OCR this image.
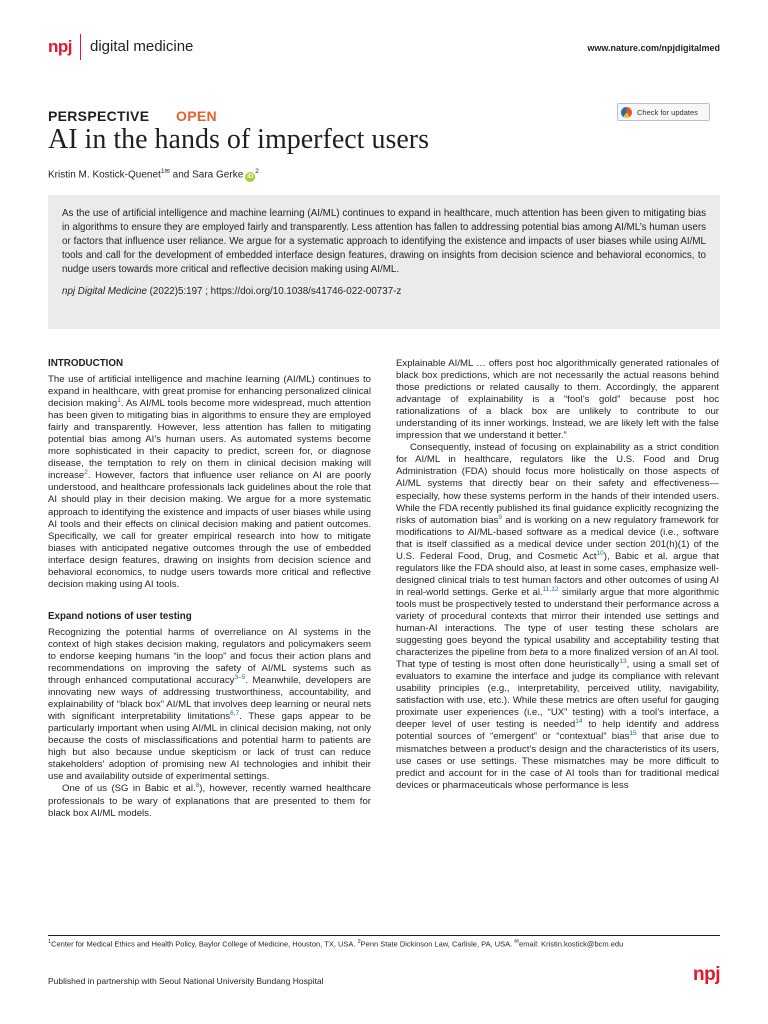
npj digital medicine	www.nature.com/npjdigitalmed
PERSPECTIVE OPEN	Check for updates
AI in the hands of imperfect users
Kristin M. Kostick-Quenet$^{1✉}$ and Sara Gerke $iD^2$

As the use of artificial intelligence and machine learning (AI/ML) continues to expand in healthcare, much attention has been given to mitigating bias in algorithms to ensure they are employed fairly and transparently. Less attention has fallen to addressing potential bias among AI/ML’s human users or factors that influence user reliance. We argue for a systematic approach to identifying the existence and impacts of user biases while using AI/ML tools and call for the development of embedded interface design features, drawing on insights from decision science and behavioral economics, to nudge users towards more critical and reflective decision making using AI/ML.

npj Digital Medicine (2022)5:197 ; https://doi.org/10.1038/s41746-022-00737-z

INTRODUCTION

The use of artificial intelligence and machine learning (AI/ML) continues to expand in healthcare, with great promise for enhancing personalized clinical decision making$^1$. As AI/ML tools become more widespread, much attention has been given to mitigating bias in algorithms to ensure they are employed fairly and transparently. However, less attention has fallen to mitigating potential bias among AI’s human users. As automated systems become more sophisticated in their capacity to predict, screen for, or diagnose disease, the temptation to rely on them in clinical decision making will increase$^2$. However, factors that influence user reliance on AI are poorly understood, and healthcare professionals lack guidelines about the role that AI should play in their decision making. We argue for a more systematic approach to identifying the existence and impacts of user biases while using AI tools and their effects on clinical decision making and patient outcomes. Specifically, we call for greater empirical research into how to mitigate biases with anticipated negative outcomes through the use of embedded interface design features, drawing on insights from decision science and behavioral economics, to nudge users towards more critical and reflective decision making using AI tools.

Expand notions of user testing

Recognizing the potential harms of overreliance on AI systems in the context of high stakes decision making, regulators and policymakers seem to endorse keeping humans “in the loop” and focus their action plans and recommendations on improving the safety of AI/ML systems such as through enhanced computational accuracy$^{3-5}$. Meanwhile, developers are innovating new ways of addressing trustworthiness, accountability, and explainability of “black box” AI/ML that involves deep learning or neural nets with significant interpretability limitations$^{6,7}$. These gaps appear to be particularly important when using AI/ML in clinical decision making, not only because the costs of misclassifications and potential harm to patients are high but also because undue skepticism or lack of trust can reduce stakeholders’ adoption of promising new AI technologies and inhibit their use and availability outside of experimental settings.

One of us (SG in Babic et al.$^8$), however, recently warned healthcare professionals to be wary of explanations that are presented to them for black box AI/ML models.

Explainable AI/ML … offers post hoc algorithmically generated rationales of black box predictions, which are not necessarily the actual reasons behind those predictions or related causally to them. Accordingly, the apparent advantage of explainability is a “fool’s gold” because post hoc rationalizations of a black box are unlikely to contribute to our understanding of its inner workings. Instead, we are likely left with the false impression that we understand it better.”

Consequently, instead of focusing on explainability as a strict condition for AI/ML in healthcare, regulators like the U.S. Food and Drug Administration (FDA) should focus more holistically on those aspects of AI/ML systems that directly bear on their safety and effectiveness—especially, how these systems perform in the hands of their intended users. While the FDA recently published its final guidance explicitly recognizing the risks of automation bias$^9$ and is working on a new regulatory framework for modifications to AI/ML-based software as a medical device (i.e., software that is itself classified as a medical device under section 201(h)(1) of the U.S. Federal Food, Drug, and Cosmetic Act$^{10}$), Babic et al. argue that regulators like the FDA should also, at least in some cases, emphasize well-designed clinical trials to test human factors and other outcomes of using AI in real-world settings. Gerke et al.$^{11,12}$ similarly argue that more algorithmic tools must be prospectively tested to understand their performance across a variety of procedural contexts that mirror their intended use settings and human-AI interactions. The type of user testing these scholars are suggesting goes beyond the typical usability and acceptability testing that characterizes the pipeline from beta to a more finalized version of an AI tool. That type of testing is most often done heuristically$^{13}$, using a small set of evaluators to examine the interface and judge its compliance with relevant usability principles (e.g., interpretability, perceived utility, navigability, satisfaction with use, etc.). While these metrics are often useful for gauging proximate user experiences (i.e., “UX” testing) with a tool’s interface, a deeper level of user testing is needed$^{14}$ to help identify and address potential sources of “emergent” or “contextual” bias$^{15}$ that arise due to mismatches between a product’s design and the characteristics of its users, use cases or use settings. These mismatches may be more difficult to predict and account for in the case of AI tools than for traditional medical devices or pharmaceuticals whose performance is less

$^1$Center for Medical Ethics and Health Policy, Baylor College of Medicine, Houston, TX, USA. $^2$Penn State Dickinson Law, Carlisle, PA, USA. ✉email: Kristin.kostick@bcm.edu
Published in partnership with Seoul National University Bundang Hospital	npj
